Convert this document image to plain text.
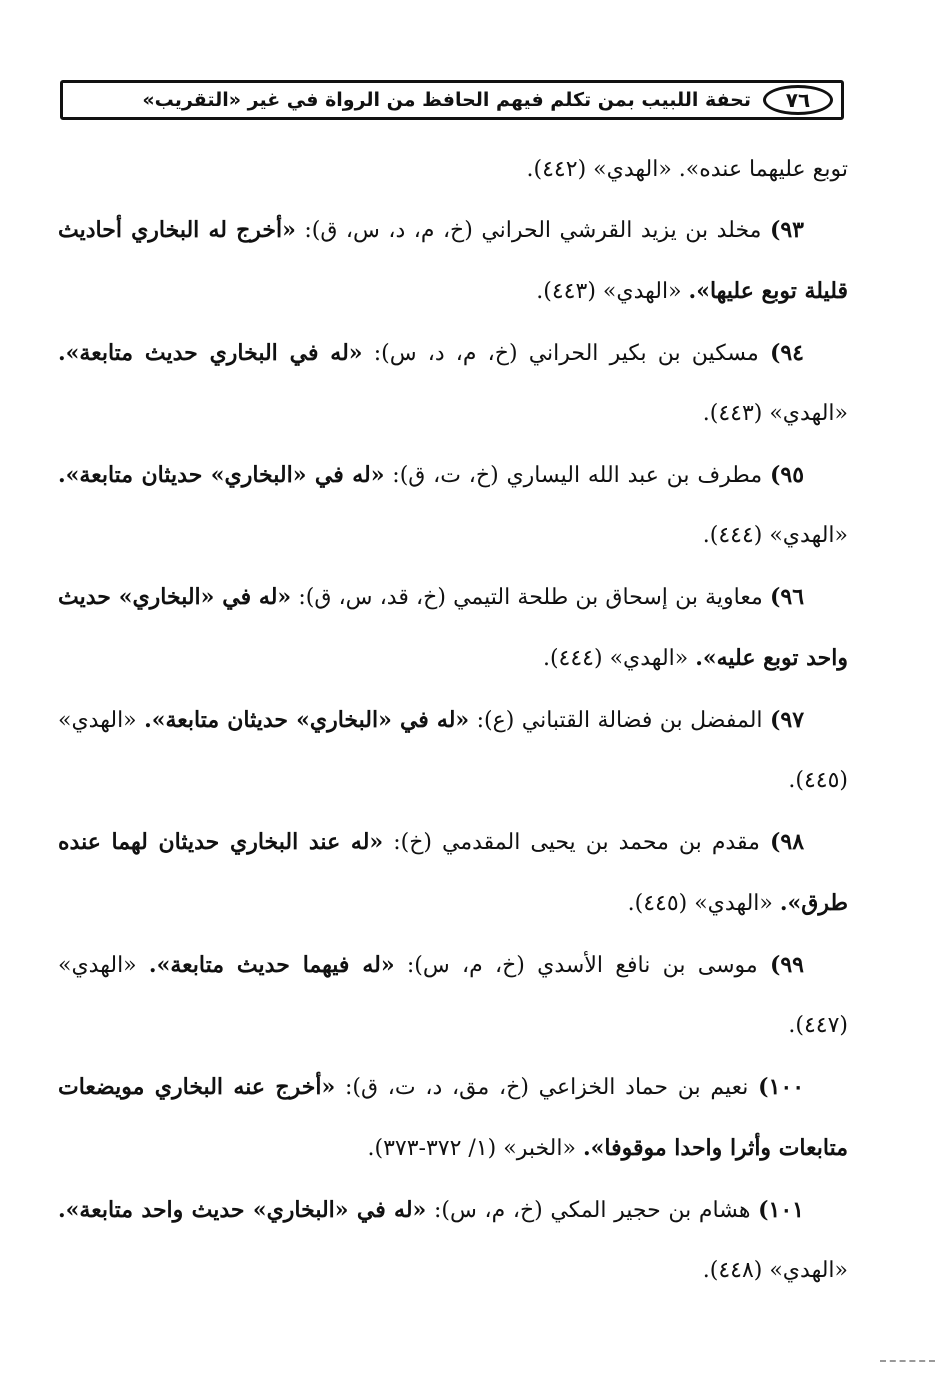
٧٦
تحفة اللبيب بمن تكلم فيهم الحافظ من الرواة في غير «التقريب»

توبع عليهما عنده». «الهدي» (٤٤٢).

٩٣) مخلد بن يزيد القرشي الحراني (خ، م، د، س، ق): «أخرج له البخاري أحاديث قليلة توبع عليها». «الهدي» (٤٤٣).

٩٤) مسكين بن بكير الحراني (خ، م، د، س): «له في البخاري حديث متابعة». «الهدي» (٤٤٣).

٩٥) مطرف بن عبد الله اليساري (خ، ت، ق): «له في «البخاري» حديثان متابعة». «الهدي» (٤٤٤).

٩٦) معاوية بن إسحاق بن طلحة التيمي (خ، قد، س، ق): «له في «البخاري» حديث واحد توبع عليه». «الهدي» (٤٤٤).

٩٧) المفضل بن فضالة القتباني (ع): «له في «البخاري» حديثان متابعة». «الهدي» (٤٤٥).

٩٨) مقدم بن محمد بن يحيى المقدمي (خ): «له عند البخاري حديثان لهما عنده طرق». «الهدي» (٤٤٥).

٩٩) موسى بن نافع الأسدي (خ، م، س): «له فيهما حديث متابعة». «الهدي» (٤٤٧).

١٠٠) نعيم بن حماد الخزاعي (خ، مق، د، ت، ق): «أخرج عنه البخاري مويضعات متابعات وأثرا واحدا موقوفا». «الخبر» (١/ ٣٧٢-٣٧٣).

١٠١) هشام بن حجير المكي (خ، م، س): «له في «البخاري» حديث واحد متابعة». «الهدي» (٤٤٨).
